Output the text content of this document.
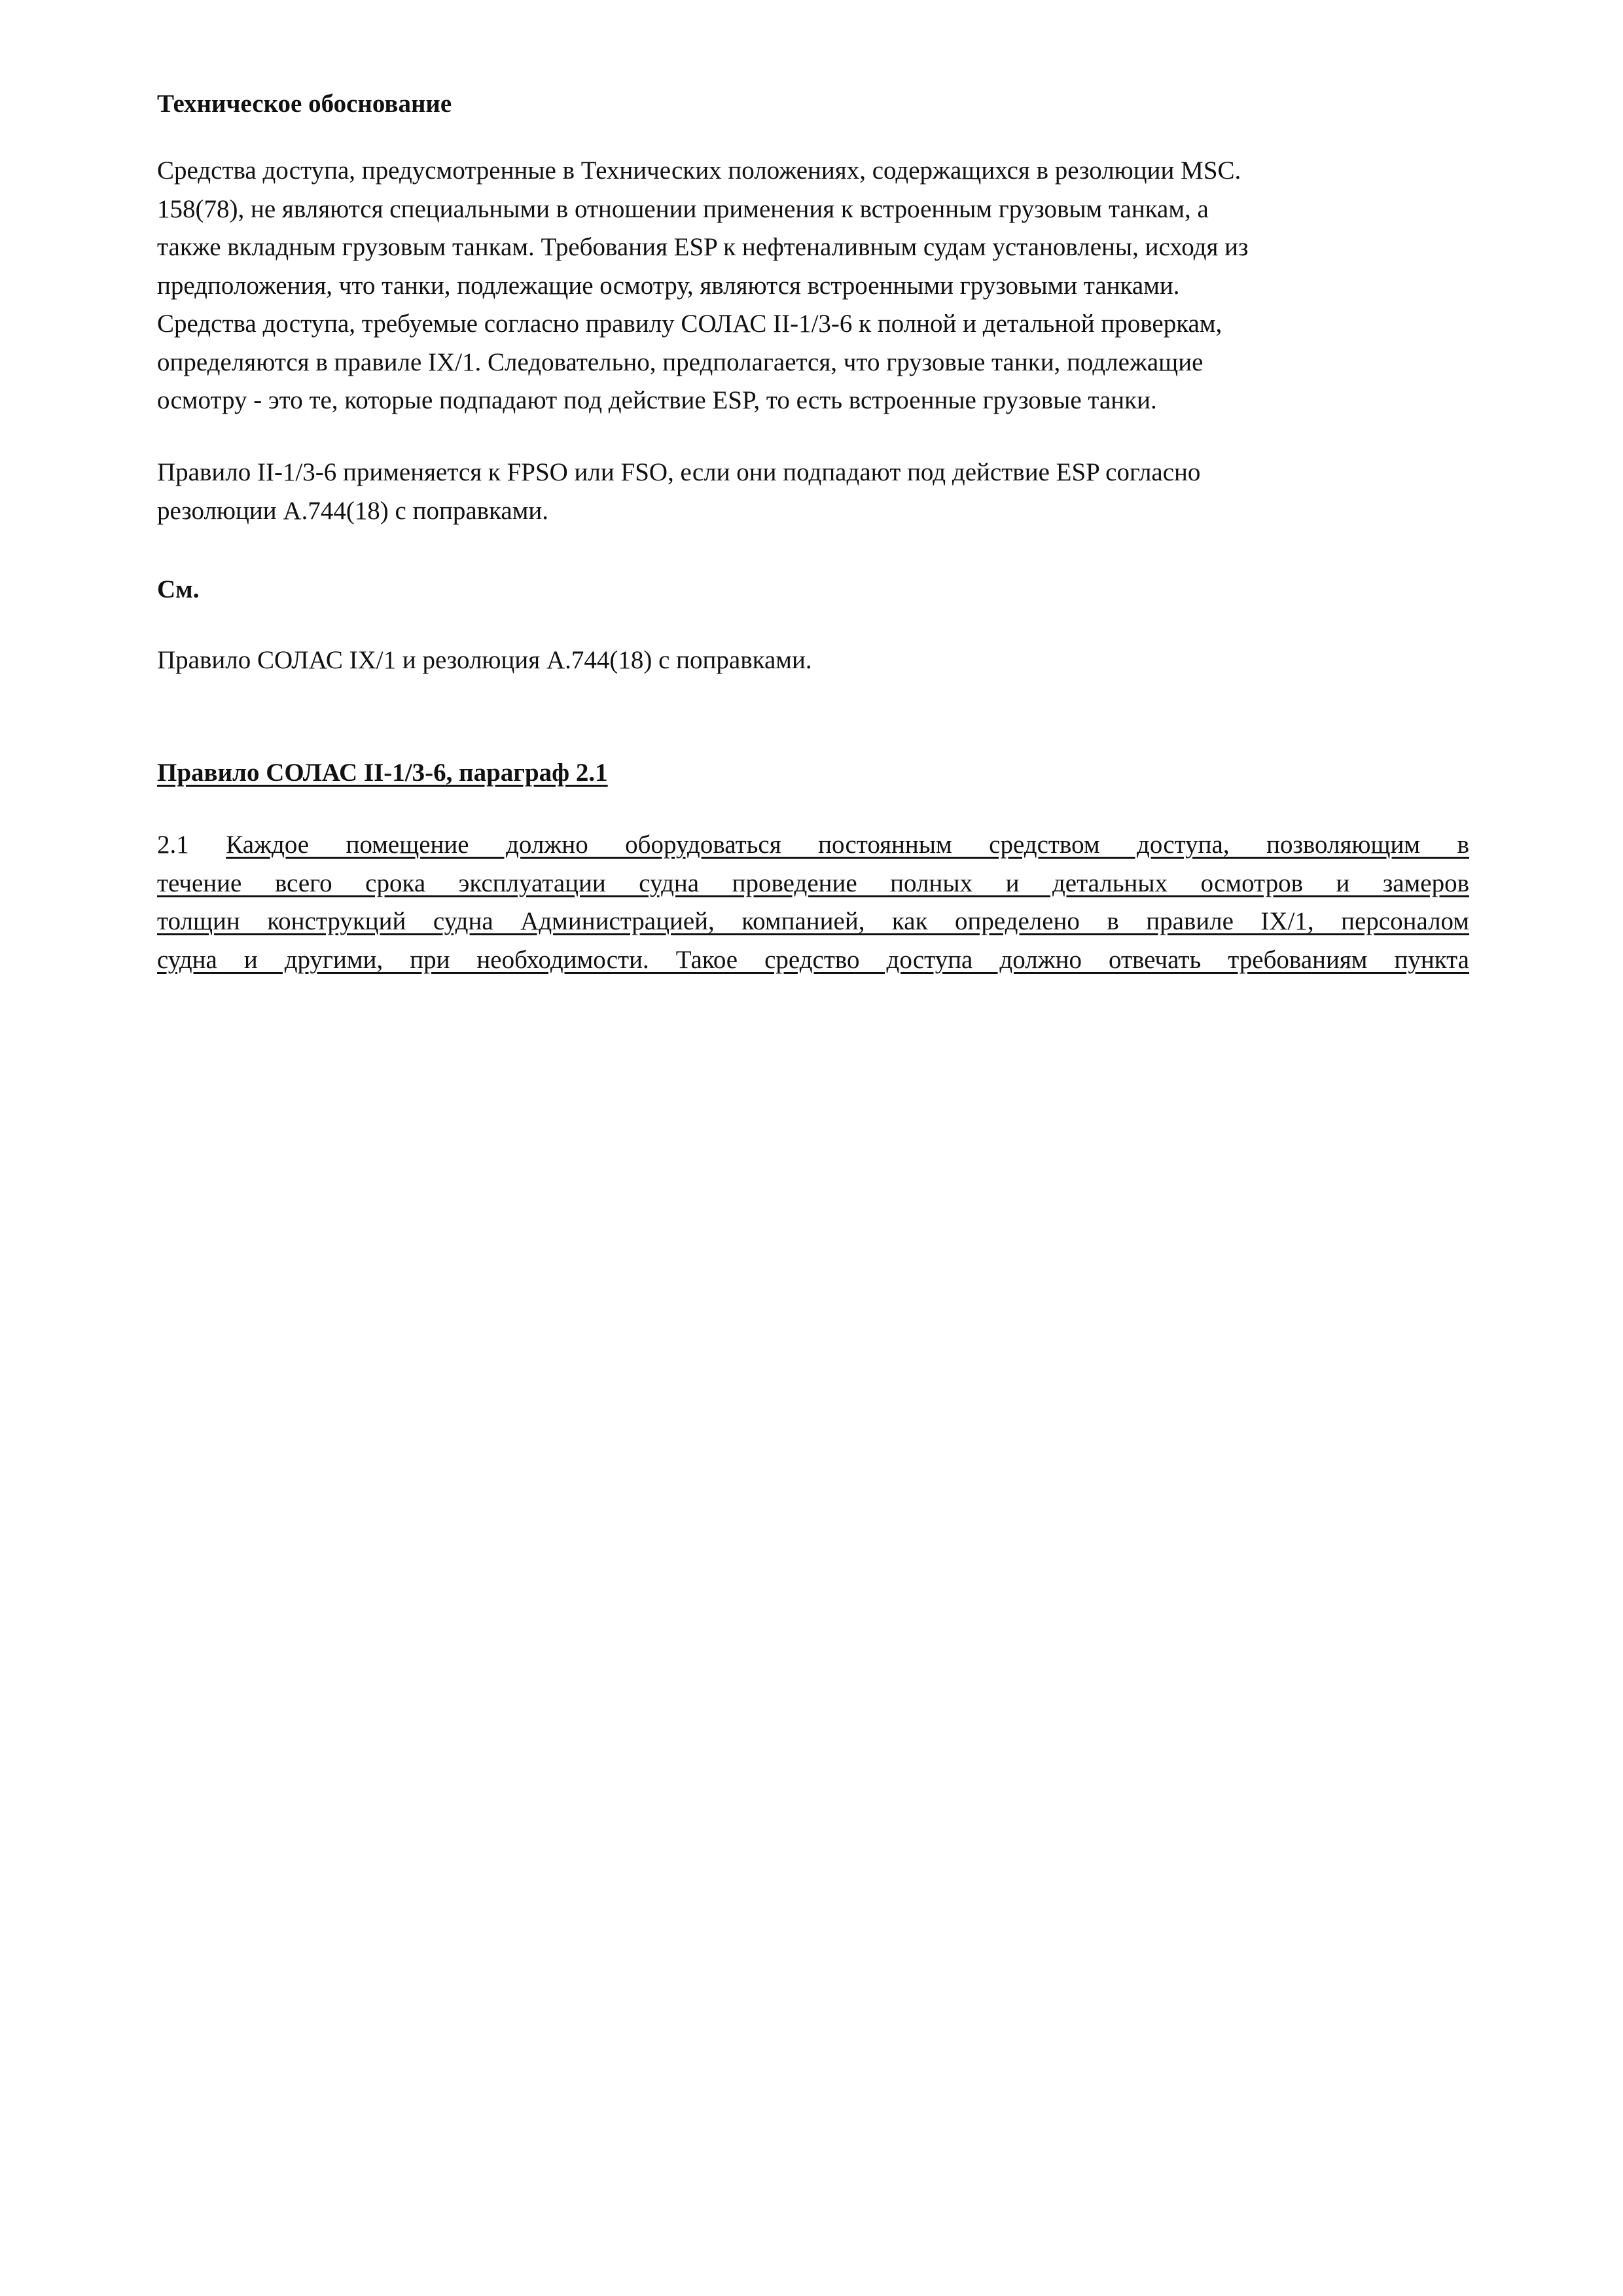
Техническое обоснование
Средства доступа, предусмотренные в Технических положениях, содержащихся в резолюции MSC.
158(78), не являются специальными в отношении применения к встроенным грузовым танкам, а
также вкладным грузовым танкам. Требования ESP к нефтеналивным судам установлены, исходя из
предположения, что танки, подлежащие осмотру, являются встроенными грузовыми танками.
Средства доступа, требуемые согласно правилу СОЛАС II-1/3-6 к полной и детальной проверкам,
определяются в правиле IX/1. Следовательно, предполагается, что грузовые танки, подлежащие
осмотру - это те, которые подпадают под действие ESP, то есть встроенные грузовые танки.
Правило II-1/3-6 применяется к FPSO или FSO, если они подпадают под действие ESP согласно
резолюции A.744(18) с поправками.
См.
Правило СОЛАС IX/1 и резолюция A.744(18) с поправками.
Правило СОЛАС II-1/3-6, параграф 2.1
2.1 Каждое помещение должно оборудоваться постоянным средством доступа, позволяющим в
течение всего срока эксплуатации судна проведение полных и детальных осмотров и замеров
толщин конструкций судна Администрацией, компанией, как определено в правиле IX/1, персоналом
судна и другими, при необходимости. Такое средство доступа должно отвечать требованиям пункта
